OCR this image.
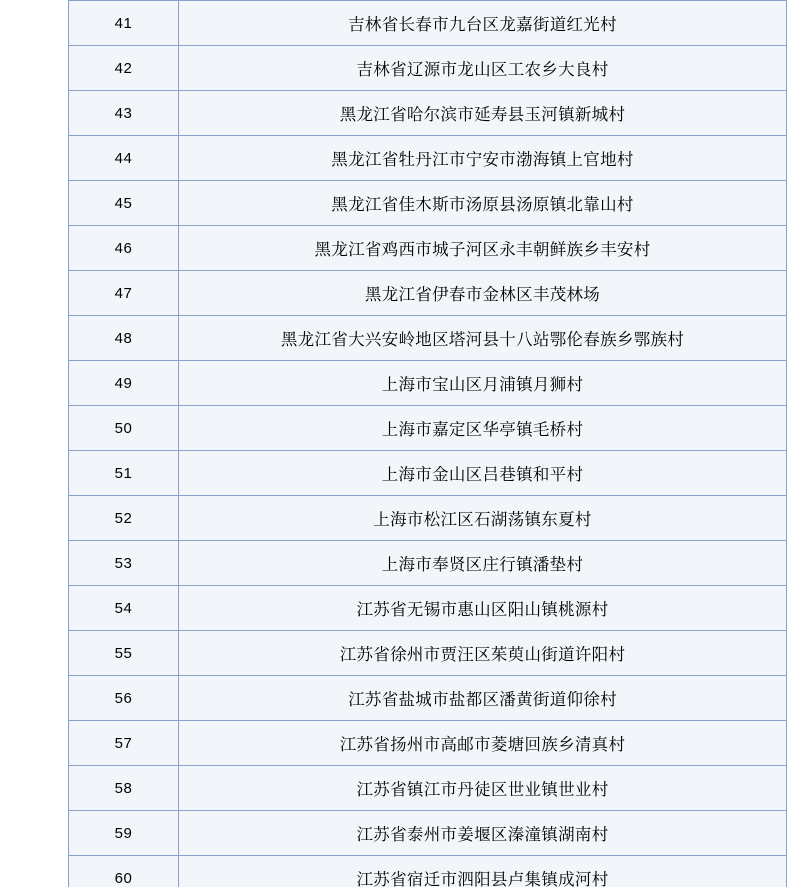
41	吉林省长春市九台区龙嘉街道红光村
42	吉林省辽源市龙山区工农乡大良村
43	黑龙江省哈尔滨市延寿县玉河镇新城村
44	黑龙江省牡丹江市宁安市渤海镇上官地村
45	黑龙江省佳木斯市汤原县汤原镇北靠山村
46	黑龙江省鸡西市城子河区永丰朝鲜族乡丰安村
47	黑龙江省伊春市金林区丰茂林场
48	黑龙江省大兴安岭地区塔河县十八站鄂伦春族乡鄂族村
49	上海市宝山区月浦镇月狮村
50	上海市嘉定区华亭镇毛桥村
51	上海市金山区吕巷镇和平村
52	上海市松江区石湖荡镇东夏村
53	上海市奉贤区庄行镇潘垫村
54	江苏省无锡市惠山区阳山镇桃源村
55	江苏省徐州市贾汪区茱萸山街道许阳村
56	江苏省盐城市盐都区潘黄街道仰徐村
57	江苏省扬州市高邮市菱塘回族乡清真村
58	江苏省镇江市丹徒区世业镇世业村
59	江苏省泰州市姜堰区溱潼镇湖南村
60	江苏省宿迁市泗阳县卢集镇成河村
